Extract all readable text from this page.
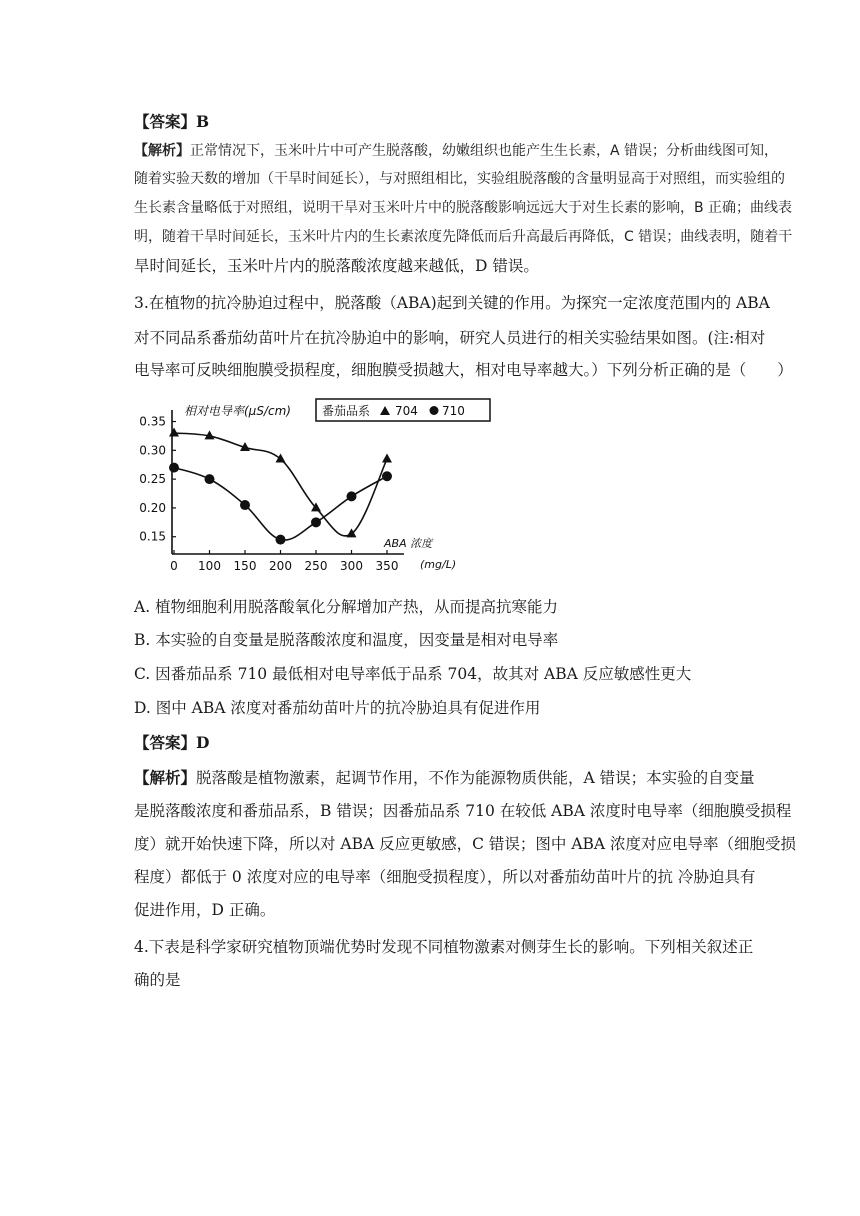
【答案】B
【解析】正常情况下，玉米叶片中可产生脱落酸，幼嫩组织也能产生生长素，A 错误；分析曲线图可知，
随着实验天数的增加（干旱时间延长），与对照组相比，实验组脱落酸的含量明显高于对照组，而实验组的
生长素含量略低于对照组，说明干旱对玉米叶片中的脱落酸影响远远大于对生长素的影响，B 正确；曲线表
明，随着干旱时间延长，玉米叶片内的生长素浓度先降低而后升高最后再降低，C 错误；曲线表明，随着干
旱时间延长，玉米叶片内的脱落酸浓度越来越低，D 错误。
3.在植物的抗冷胁迫过程中，脱落酸（ABA)起到关键的作用。为探究一定浓度范围内的 ABA
对不同品系番茄幼苗叶片在抗冷胁迫中的影响，研究人员进行的相关实验结果如图。(注:相对
电导率可反映细胞膜受损程度，细胞膜受损越大，相对电导率越大。）下列分析正确的是（　　）
相对电导率(μS/cm)	番茄品系 704 710
ABA 浓度
(mg/L)
0.15
0.20
0.25
0.30
0.35
0 100 150 200 250 300 350
A. 植物细胞利用脱落酸氧化分解增加产热，从而提高抗寒能力
B. 本实验的自变量是脱落酸浓度和温度，因变量是相对电导率
C. 因番茄品系 710 最低相对电导率低于品系 704，故其对 ABA 反应敏感性更大
D. 图中 ABA 浓度对番茄幼苗叶片的抗冷胁迫具有促进作用
【答案】D
【解析】脱落酸是植物激素，起调节作用，不作为能源物质供能，A 错误；本实验的自变量
是脱落酸浓度和番茄品系，B 错误；因番茄品系 710 在较低 ABA 浓度时电导率（细胞膜受损程
度）就开始快速下降，所以对 ABA 反应更敏感，C 错误；图中 ABA 浓度对应电导率（细胞受损
程度）都低于 0 浓度对应的电导率（细胞受损程度），所以对番茄幼苗叶片的抗 冷胁迫具有
促进作用，D 正确。
4.下表是科学家研究植物顶端优势时发现不同植物激素对侧芽生长的影响。下列相关叙述正
确的是
